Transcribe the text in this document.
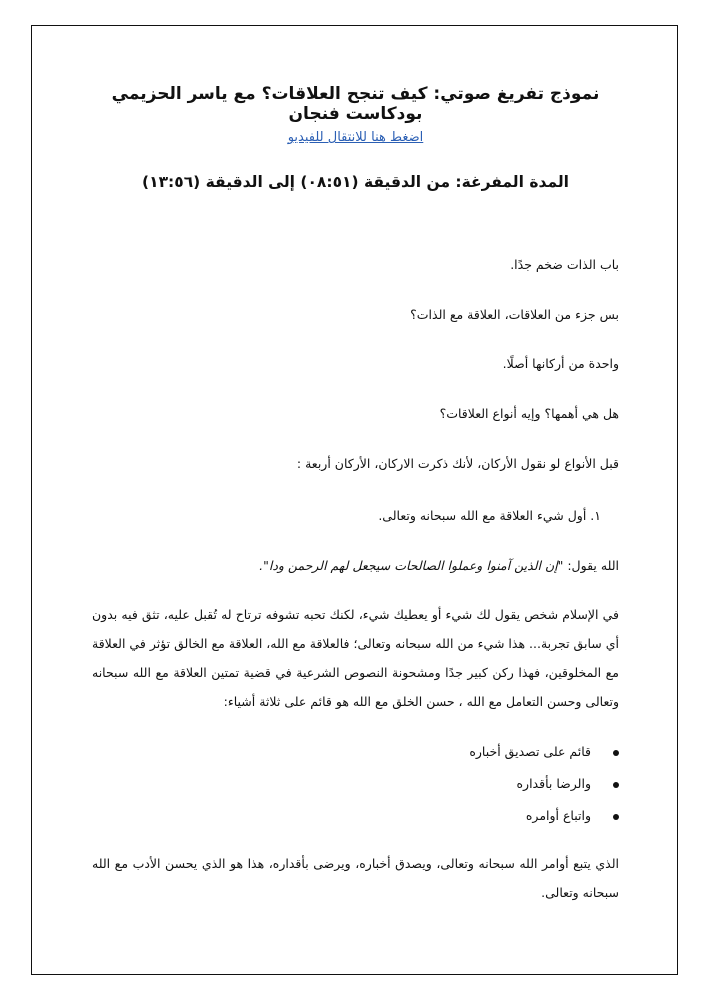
نموذج تفريغ صوتي: كيف تنجح العلاقات؟ مع ياسر الحزيمي بودكاست فنجان
اضغط هنا للانتقال للفيديو
المدة المفرغة: من الدقيقة (٠٨:٥١) إلى الدقيقة (١٣:٥٦)

باب الذات ضخم جدًا.

بس جزء من العلاقات، العلاقة مع الذات؟

واحدة من أركانها أصلًا.

هل هي أهمها؟ وإيه أنواع العلاقات؟

قبل الأنواع لو نقول الأركان، لأنك ذكرت الاركان، الأركان أربعة :

١. أول شيء العلاقة مع الله سبحانه وتعالى.

الله يقول: "إن الذين آمنوا وعملوا الصالحات سيجعل لهم الرحمن ودا".

في الإسلام شخص يقول لك شيء أو يعطيك شيء، لكنك تحبه تشوفه ترتاح له تُقبل عليه، تثق فيه بدون أي سابق تجربة... هذا شيء من الله سبحانه وتعالى؛ فالعلاقة مع الله، العلاقة مع الخالق تؤثر في العلاقة مع المخلوقين، فهذا ركن كبير جدًا ومشحونة النصوص الشرعية في قضية تمتين العلاقة مع الله سبحانه وتعالى وحسن التعامل مع الله ، حسن الخلق مع الله هو قائم على ثلاثة أشياء:

قائم على تصديق أخباره
والرضا بأقداره
واتباع أوامره

الذي يتبع أوامر الله سبحانه وتعالى، ويصدق أخباره، ويرضى بأقداره، هذا هو الذي يحسن الأدب مع الله سبحانه وتعالى.
